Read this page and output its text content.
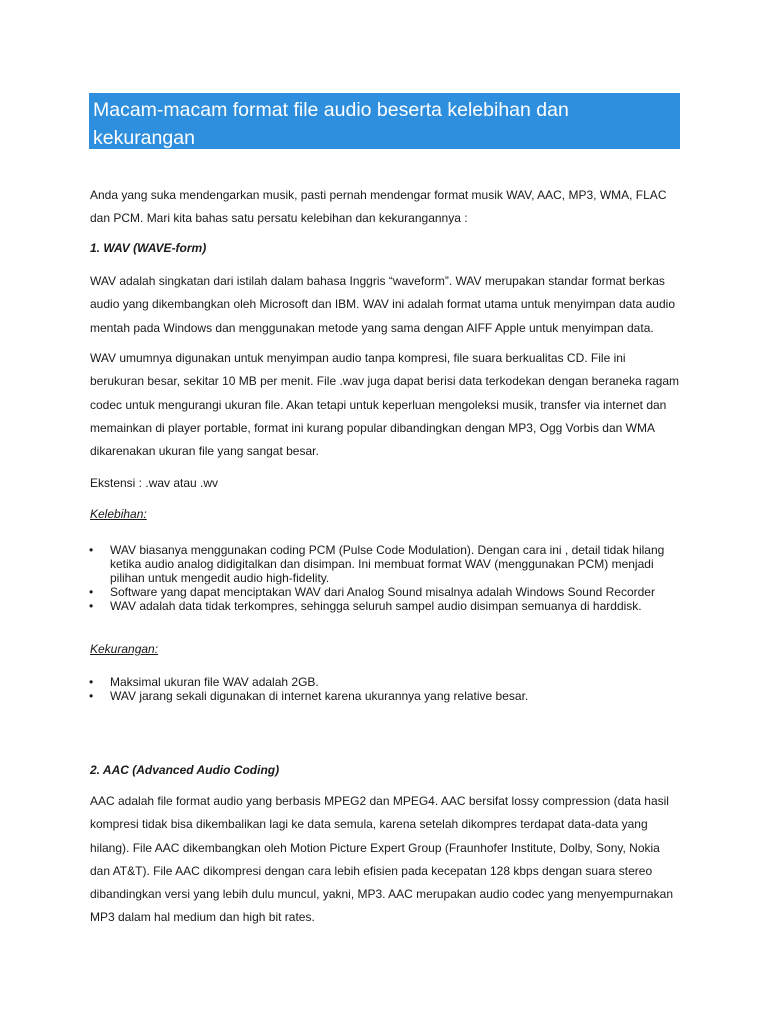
Macam-macam format file audio beserta kelebihan dan kekurangan

Anda yang suka mendengarkan musik, pasti pernah mendengar format musik WAV, AAC, MP3, WMA, FLAC dan PCM. Mari kita bahas satu persatu kelebihan dan kekurangannya :

1. WAV (WAVE-form)

WAV adalah singkatan dari istilah dalam bahasa Inggris “waveform”. WAV merupakan standar format berkas audio yang dikembangkan oleh Microsoft dan IBM. WAV ini adalah format utama untuk menyimpan data audio mentah pada Windows dan menggunakan metode yang sama dengan AIFF Apple untuk menyimpan data.

WAV umumnya digunakan untuk menyimpan audio tanpa kompresi, file suara berkualitas CD. File ini berukuran besar, sekitar 10 MB per menit. File .wav juga dapat berisi data terkodekan dengan beraneka ragam codec untuk mengurangi ukuran file. Akan tetapi untuk keperluan mengoleksi musik, transfer via internet dan memainkan di player portable, format ini kurang popular dibandingkan dengan MP3, Ogg Vorbis dan WMA dikarenakan ukuran file yang sangat besar.

Ekstensi : .wav atau .wv

Kelebihan:

• WAV biasanya menggunakan coding PCM (Pulse Code Modulation). Dengan cara ini , detail tidak hilang ketika audio analog didigitalkan dan disimpan. Ini membuat format WAV (menggunakan PCM) menjadi pilihan untuk mengedit audio high-fidelity.
• Software yang dapat menciptakan WAV dari Analog Sound misalnya adalah Windows Sound Recorder
• WAV adalah data tidak terkompres, sehingga seluruh sampel audio disimpan semuanya di harddisk.

Kekurangan:

• Maksimal ukuran file WAV adalah 2GB.
• WAV jarang sekali digunakan di internet karena ukurannya yang relative besar.

2. AAC (Advanced Audio Coding)

AAC adalah file format audio yang berbasis MPEG2 dan MPEG4. AAC bersifat lossy compression (data hasil kompresi tidak bisa dikembalikan lagi ke data semula, karena setelah dikompres terdapat data-data yang hilang). File AAC dikembangkan oleh Motion Picture Expert Group (Fraunhofer Institute, Dolby, Sony, Nokia dan AT&T). File AAC dikompresi dengan cara lebih efisien pada kecepatan 128 kbps dengan suara stereo dibandingkan versi yang lebih dulu muncul, yakni, MP3. AAC merupakan audio codec yang menyempurnakan MP3 dalam hal medium dan high bit rates.
